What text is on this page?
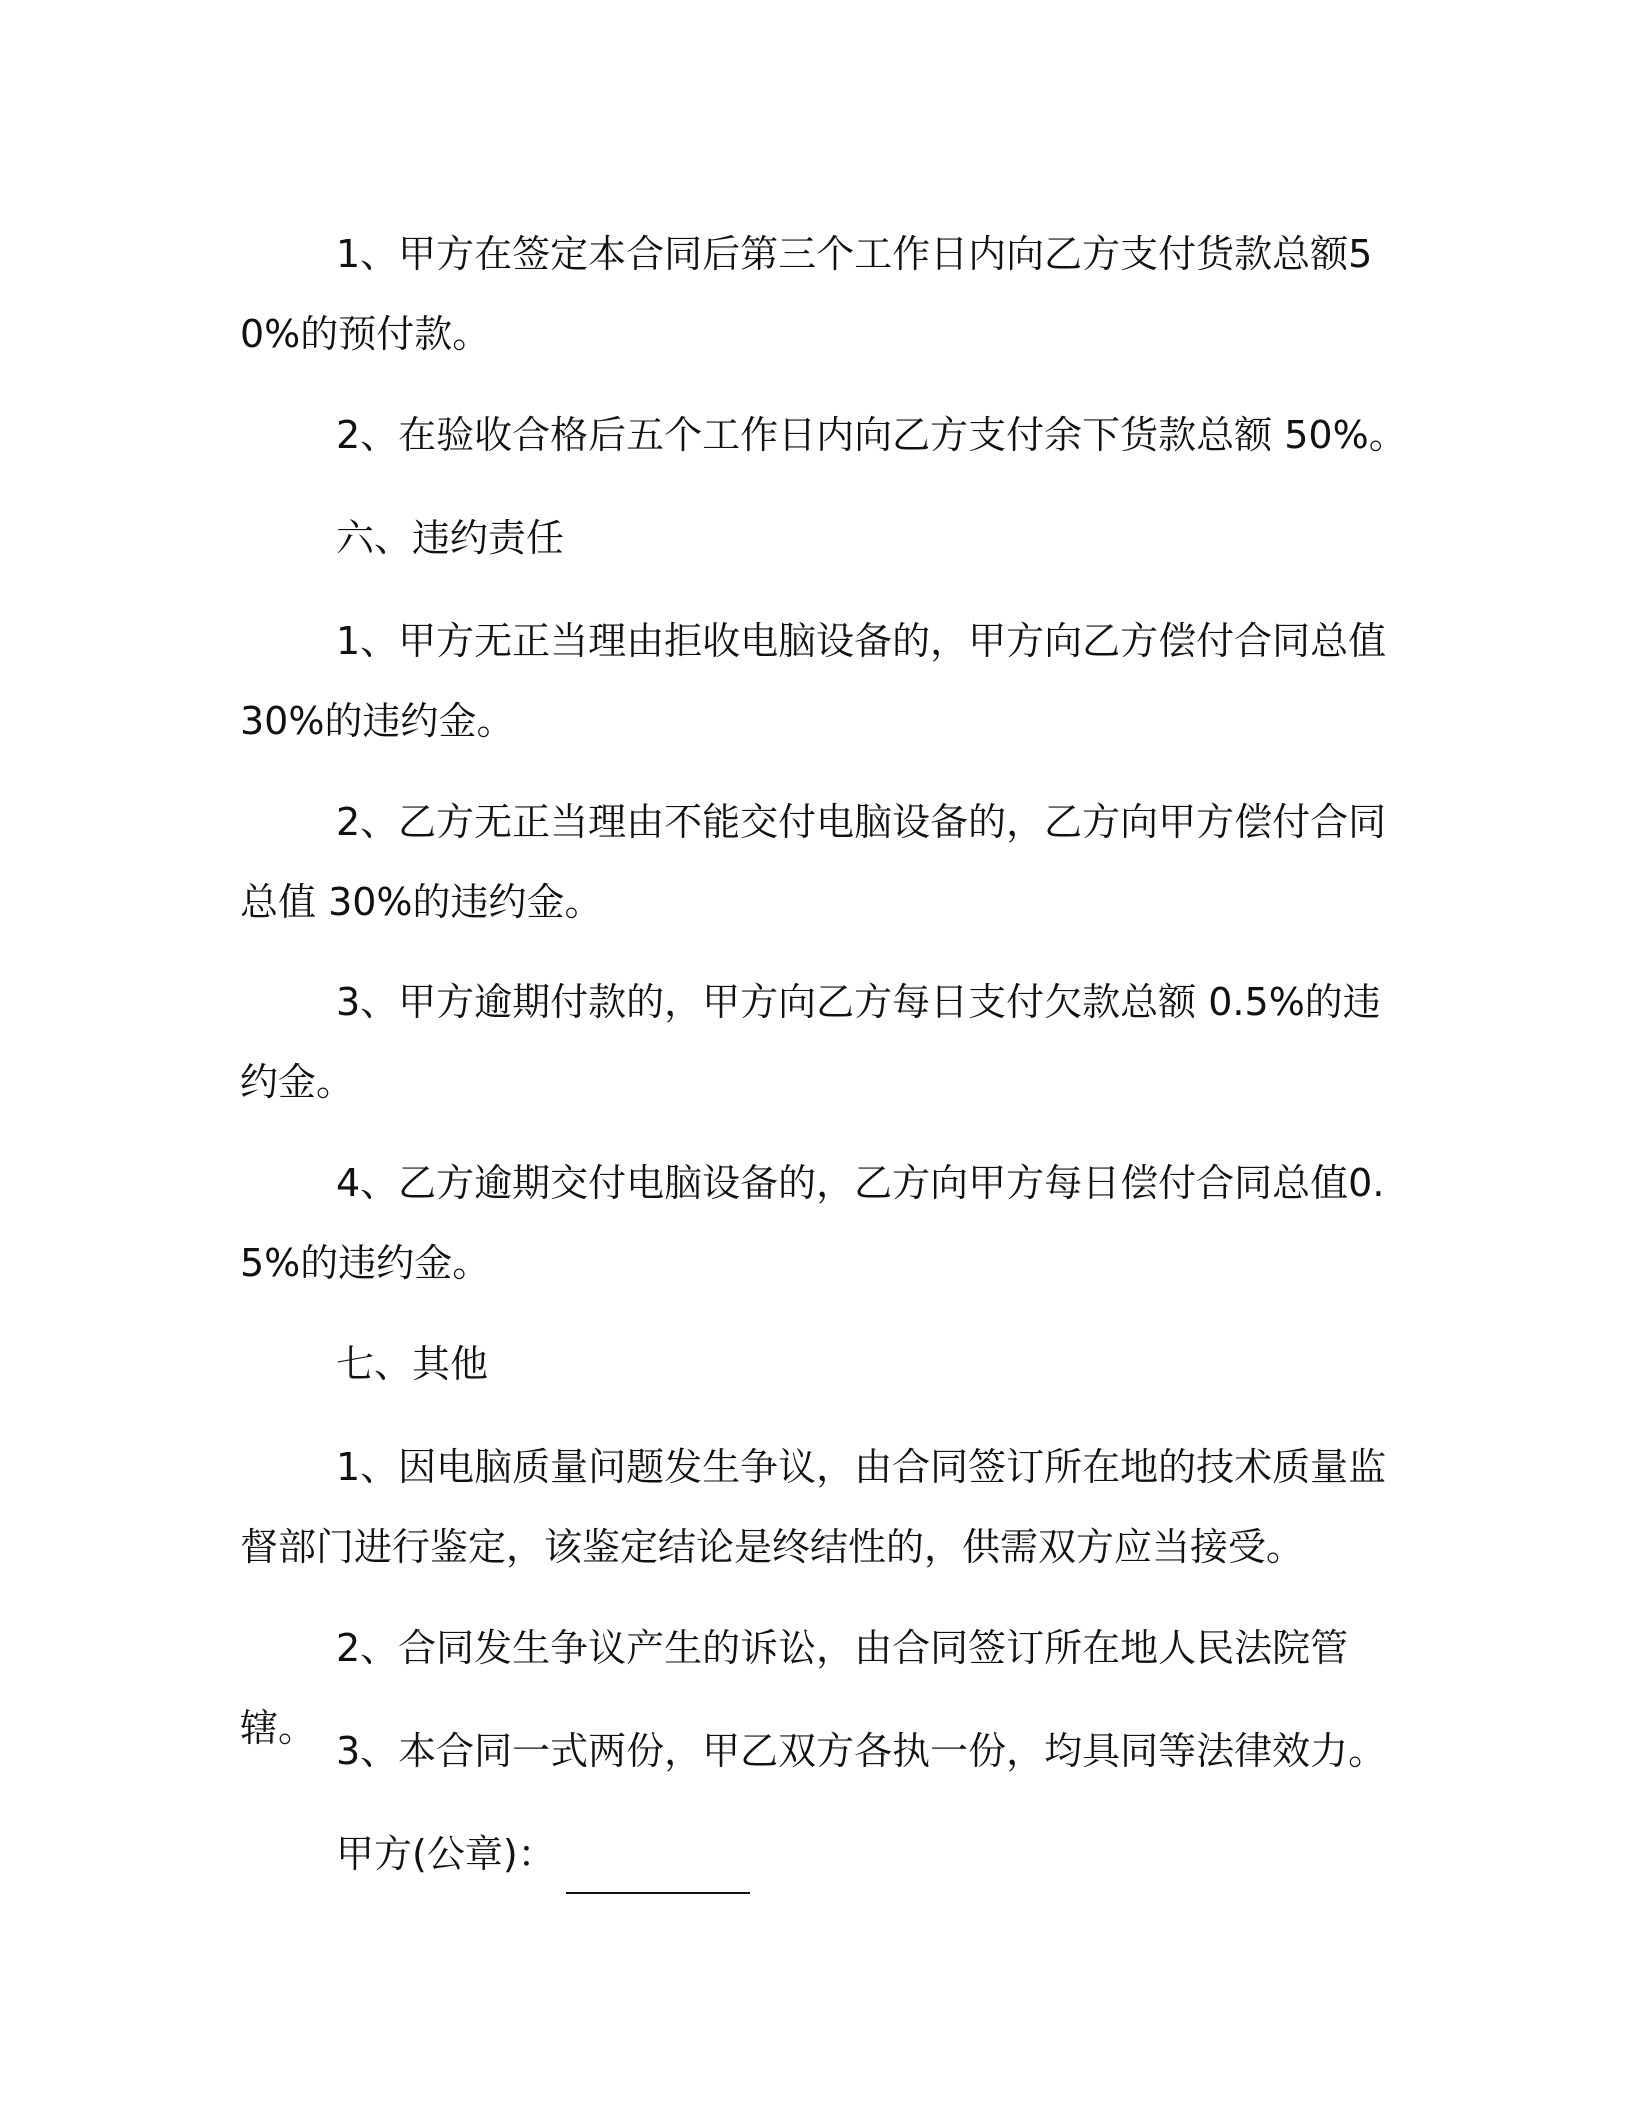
1、甲方在签定本合同后第三个工作日内向乙方支付货款总额50%的预付款。

2、在验收合格后五个工作日内向乙方支付余下货款总额 50%。

六、违约责任

1、甲方无正当理由拒收电脑设备的，甲方向乙方偿付合同总值30%的违约金。

2、乙方无正当理由不能交付电脑设备的，乙方向甲方偿付合同总值 30%的违约金。

3、甲方逾期付款的，甲方向乙方每日支付欠款总额 0.5%的违约金。

4、乙方逾期交付电脑设备的，乙方向甲方每日偿付合同总值0.5%的违约金。

七、其他

1、因电脑质量问题发生争议，由合同签订所在地的技术质量监督部门进行鉴定，该鉴定结论是终结性的，供需双方应当接受。

2、合同发生争议产生的诉讼，由合同签订所在地人民法院管辖。

3、本合同一式两份，甲乙双方各执一份，均具同等法律效力。

甲方(公章)：
